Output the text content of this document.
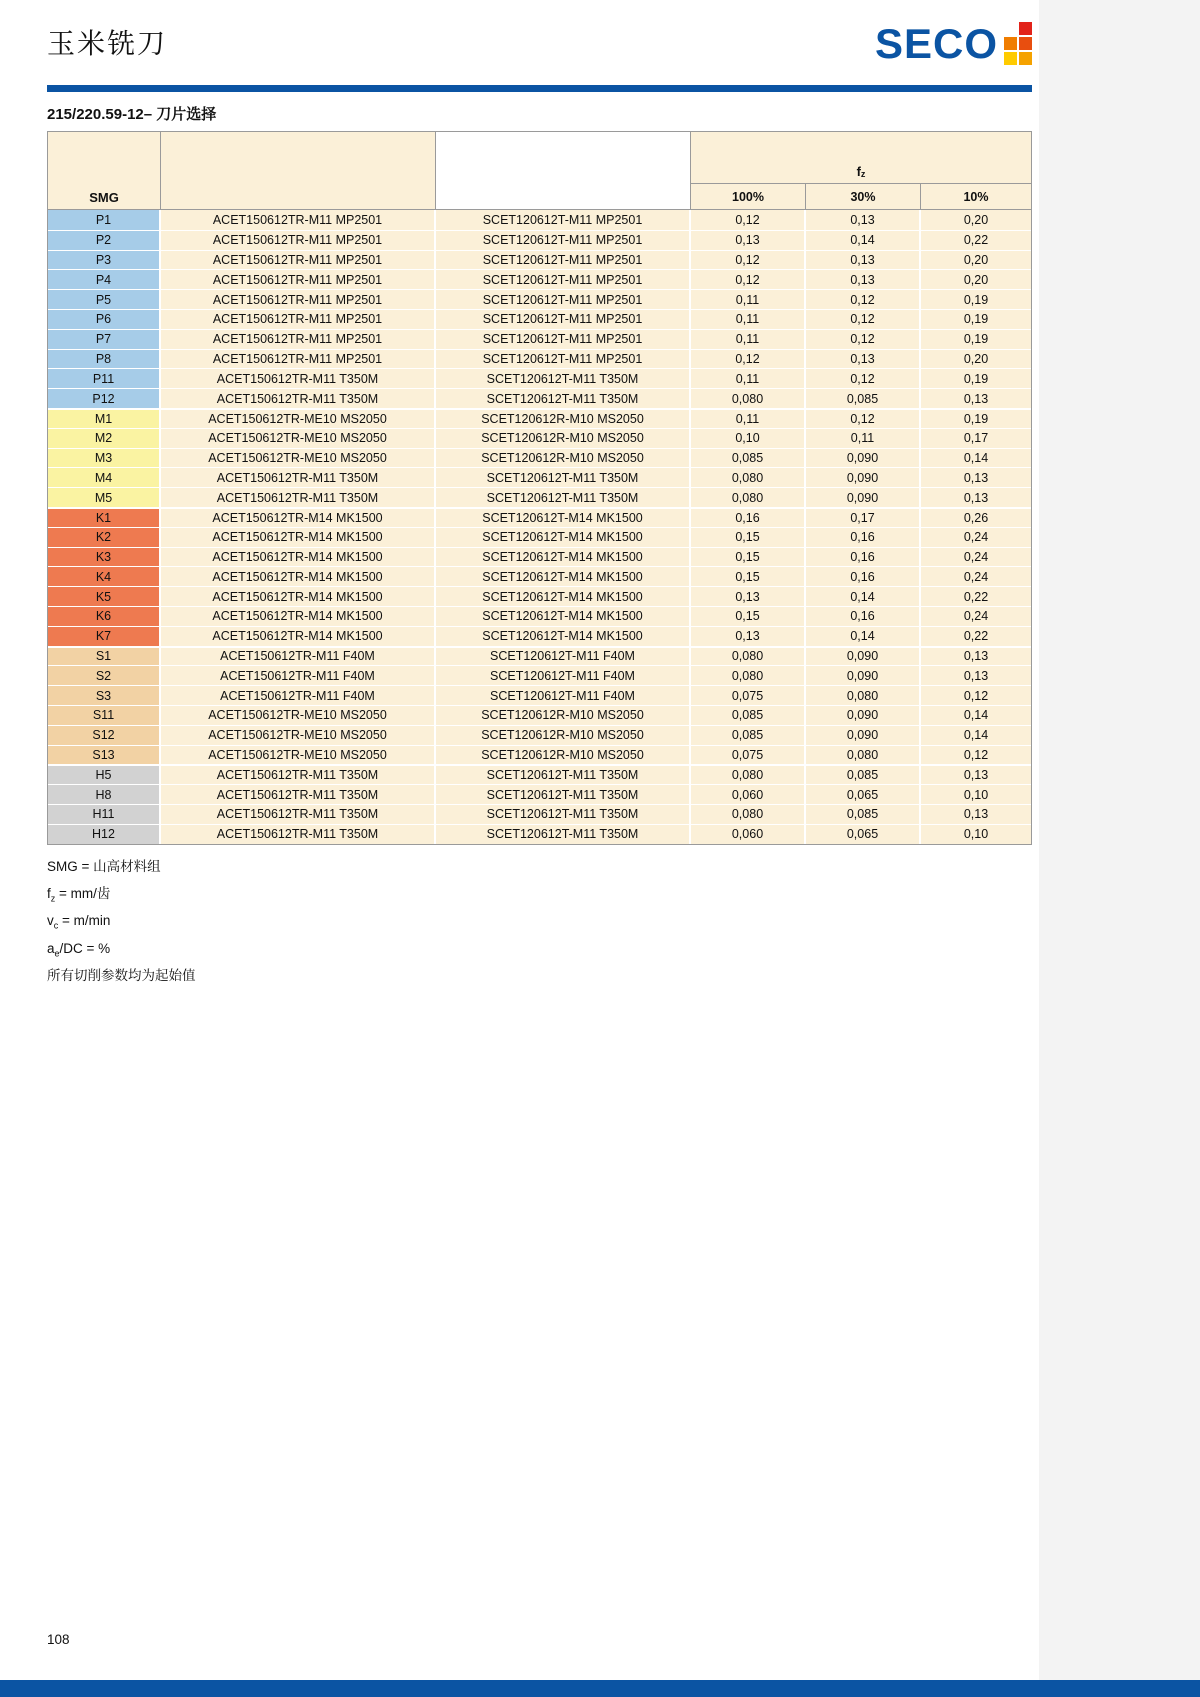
玉米铣刀	SECO
215/220.59-12– 刀片选择
SMG
f z
100%	30%	10%
P1	ACET150612TR-M11 MP2501	SCET120612T-M11 MP2501	0,12	0,13	0,20
P2	ACET150612TR-M11 MP2501	SCET120612T-M11 MP2501	0,13	0,14	0,22
P3	ACET150612TR-M11 MP2501	SCET120612T-M11 MP2501	0,12	0,13	0,20
P4	ACET150612TR-M11 MP2501	SCET120612T-M11 MP2501	0,12	0,13	0,20
P5	ACET150612TR-M11 MP2501	SCET120612T-M11 MP2501	0,11	0,12	0,19
P6	ACET150612TR-M11 MP2501	SCET120612T-M11 MP2501	0,11	0,12	0,19
P7	ACET150612TR-M11 MP2501	SCET120612T-M11 MP2501	0,11	0,12	0,19
P8	ACET150612TR-M11 MP2501	SCET120612T-M11 MP2501	0,12	0,13	0,20
P11	ACET150612TR-M11 T350M	SCET120612T-M11 T350M	0,11	0,12	0,19
P12	ACET150612TR-M11 T350M	SCET120612T-M11 T350M	0,080	0,085	0,13
M1	ACET150612TR-ME10 MS2050	SCET120612R-M10 MS2050	0,11	0,12	0,19
M2	ACET150612TR-ME10 MS2050	SCET120612R-M10 MS2050	0,10	0,11	0,17
M3	ACET150612TR-ME10 MS2050	SCET120612R-M10 MS2050	0,085	0,090	0,14
M4	ACET150612TR-M11 T350M	SCET120612T-M11 T350M	0,080	0,090	0,13
M5	ACET150612TR-M11 T350M	SCET120612T-M11 T350M	0,080	0,090	0,13
K1	ACET150612TR-M14 MK1500	SCET120612T-M14 MK1500	0,16	0,17	0,26
K2	ACET150612TR-M14 MK1500	SCET120612T-M14 MK1500	0,15	0,16	0,24
K3	ACET150612TR-M14 MK1500	SCET120612T-M14 MK1500	0,15	0,16	0,24
K4	ACET150612TR-M14 MK1500	SCET120612T-M14 MK1500	0,15	0,16	0,24
K5	ACET150612TR-M14 MK1500	SCET120612T-M14 MK1500	0,13	0,14	0,22
K6	ACET150612TR-M14 MK1500	SCET120612T-M14 MK1500	0,15	0,16	0,24
K7	ACET150612TR-M14 MK1500	SCET120612T-M14 MK1500	0,13	0,14	0,22
S1	ACET150612TR-M11 F40M	SCET120612T-M11 F40M	0,080	0,090	0,13
S2	ACET150612TR-M11 F40M	SCET120612T-M11 F40M	0,080	0,090	0,13
S3	ACET150612TR-M11 F40M	SCET120612T-M11 F40M	0,075	0,080	0,12
S11	ACET150612TR-ME10 MS2050	SCET120612R-M10 MS2050	0,085	0,090	0,14
S12	ACET150612TR-ME10 MS2050	SCET120612R-M10 MS2050	0,085	0,090	0,14
S13	ACET150612TR-ME10 MS2050	SCET120612R-M10 MS2050	0,075	0,080	0,12
H5	ACET150612TR-M11 T350M	SCET120612T-M11 T350M	0,080	0,085	0,13
H8	ACET150612TR-M11 T350M	SCET120612T-M11 T350M	0,060	0,065	0,10
H11	ACET150612TR-M11 T350M	SCET120612T-M11 T350M	0,080	0,085	0,13
H12	ACET150612TR-M11 T350M	SCET120612T-M11 T350M	0,060	0,065	0,10
SMG = 山高材料组
$f_z = mm/$齿
$v_c = m/\min$
$a_e/DC$ = %
所有切削参数均为起始值
108
